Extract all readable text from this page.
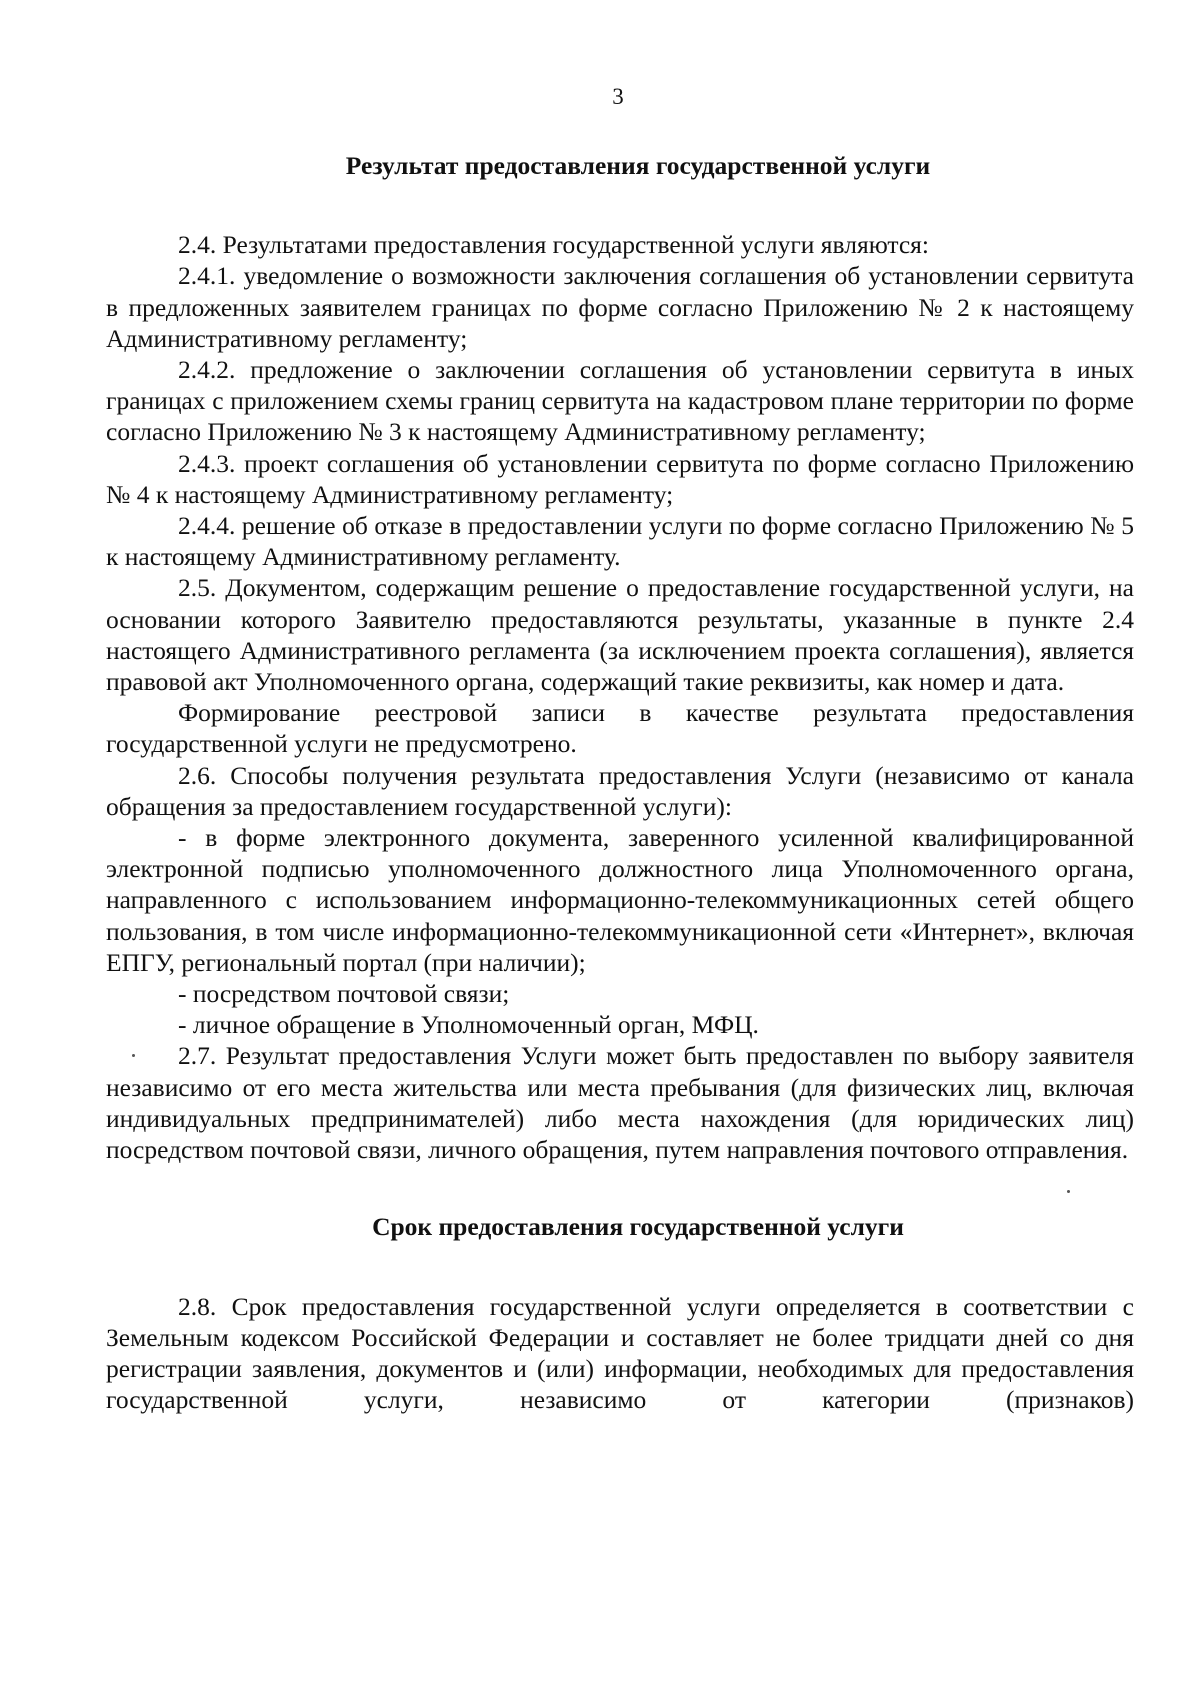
3

Результат предоставления государственной услуги

2.4. Результатами предоставления государственной услуги являются:

2.4.1. уведомление о возможности заключения соглашения об установлении сервитута в предложенных заявителем границах по форме согласно Приложению № 2 к настоящему Административному регламенту;

2.4.2. предложение о заключении соглашения об установлении сервитута в иных границах с приложением схемы границ сервитута на кадастровом плане территории по форме согласно Приложению № 3 к настоящему Административному регламенту;

2.4.3. проект соглашения об установлении сервитута по форме согласно Приложению № 4 к настоящему Административному регламенту;

2.4.4. решение об отказе в предоставлении услуги по форме согласно Приложению № 5 к настоящему Административному регламенту.

2.5. Документом, содержащим решение о предоставление государственной услуги, на основании которого Заявителю предоставляются результаты, указанные в пункте 2.4 настоящего Административного регламента (за исключением проекта соглашения), является правовой акт Уполномоченного органа, содержащий такие реквизиты, как номер и дата.

Формирование реестровой записи в качестве результата предоставления государственной услуги не предусмотрено.

2.6. Способы получения результата предоставления Услуги (независимо от канала обращения за предоставлением государственной услуги):

- в форме электронного документа, заверенного усиленной квалифицированной электронной подписью уполномоченного должностного лица Уполномоченного органа, направленного с использованием информационно-телекоммуникационных сетей общего пользования, в том числе информационно-телекоммуникационной сети «Интернет», включая ЕПГУ, региональный портал (при наличии);

- посредством почтовой связи;

- личное обращение в Уполномоченный орган, МФЦ.

2.7. Результат предоставления Услуги может быть предоставлен по выбору заявителя независимо от его места жительства или места пребывания (для физических лиц, включая индивидуальных предпринимателей) либо места нахождения (для юридических лиц) посредством почтовой связи, личного обращения, путем направления почтового отправления.

Срок предоставления государственной услуги

2.8. Срок предоставления государственной услуги определяется в соответствии с Земельным кодексом Российской Федерации и составляет не более тридцати дней со дня регистрации заявления, документов и (или) информации, необходимых для предоставления государственной услуги, независимо от категории (признаков)
